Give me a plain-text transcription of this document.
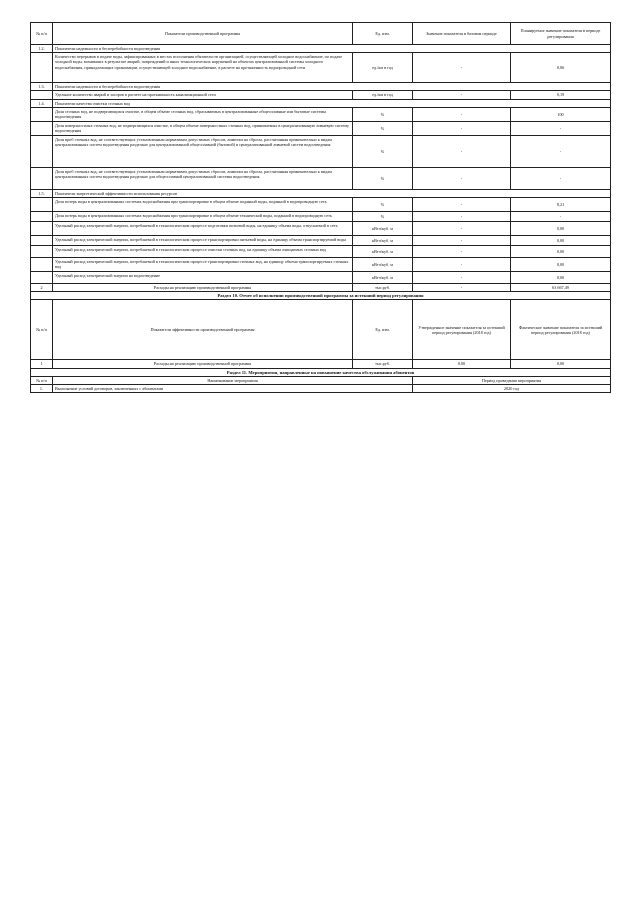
№ п/п	Показатели производственной программы	Ед. изм.	Значение показателя в базовом периоде	Планируемое значение показателя в периоде регулирования
1.2.	Показатели надежности и бесперебойности водоотведения			
	Количество перерывов в подаче воды, зафиксированных в местах исполнения обязательств организацией, осуществляющей холодное водоснабжение, по подаче холодной воды, возникших в результате аварий, повреждений и иных технологических нарушений на объектах централизованной системы холодного водоснабжения, принадлежащих организации, осуществляющей холодное водоснабжение, в расчете на протяженность водопроводной сети	ед./км в год	-	0,06
1.3.	Показатели надежности и бесперебойности водоотведения			
	Удельное количество аварий и засоров в расчете на протяженность канализационной сети	ед./км в год	-	0,19
1.4.	Показатели качества очистки сточных вод			
	Доля сточных вод, не подвергающихся очистке, в общем объеме сточных вод, сбрасываемых в централизованные общесплавные или бытовые системы водоотведения	%	-	100
	Доля поверхностных сточных вод, не подвергающихся очистке, в общем объеме поверхностных сточных вод, принимаемых в централизованную ливневую систему водоотведения	%	-	-
	Доля проб сточных вод, не соответствующих установленным нормативам допустимых сбросов, лимитам на сбросы, рассчитанная применительно к видам централизованных систем водоотведения раздельно для централизованной общесплавной (бытовой) и централизованной ливневой систем водоотведения	%	-	-
	Доля проб сточных вод, не соответствующих установленным нормативам допустимых сбросов, лимитам на сбросы, рассчитанная применительно к видам централизованных систем водоотведения раздельно для общесплавной централизованной системы водоотведения	%	-	-
1.5.	Показатели энергетической эффективности использования ресурсов			
	Доля потерь воды в централизованных системах водоснабжения при транспортировке в общем объеме поданной воды, поданной в водопроводную сеть	%	-	8,21
	Доля потерь воды в централизованных системах водоснабжения при транспортировке в общем объеме технической воды, поданной в водопроводную сеть	%	-	-
	Удельный расход электрической энергии, потребляемой в технологическом процессе подготовки питьевой воды, на единицу объема воды, отпускаемой в сеть	кВтч/куб. м	-	0,00
	Удельный расход электрической энергии, потребляемой в технологическом процессе транспортировки питьевой воды, на единицу объема транспортируемой воды	кВтч/куб. м	-	0,00
	Удельный расход электрической энергии, потребляемой в технологическом процессе очистки сточных вод, на единицу объема очищаемых сточных вод	кВтч/куб. м	-	0,00
	Удельный расход электрической энергии, потребляемой в технологическом процессе транспортировки сточных вод, на единицу объема транспортируемых сточных вод	кВтч/куб. м	-	0,00
	Удельный расход электрической энергии на водоотведение	кВтч/куб. м	-	0,00
2	Расходы на реализацию производственной программы	тыс.руб.	-	63 667,49
Раздел 10. Отчет об исполнении производственной программы за истекший период регулирования				
№ п/п	Показатели эффективности производственной программы	Ед. изм.	Утвержденное значение показателя за истекший период регулирования (2018 год)	Фактическое значение показателя за истекший период регулирования (2018 год)
1	Расходы на реализацию производственной программы	тыс.руб.	0,00	0,00
Раздел 11. Мероприятия, направленные на повышение качества обслуживания абонентов				
№ п/п	Наименование мероприятия		Период проведения мероприятия	
1.	Выполнение условий договоров, заключенных с абонентами		2020 год	
